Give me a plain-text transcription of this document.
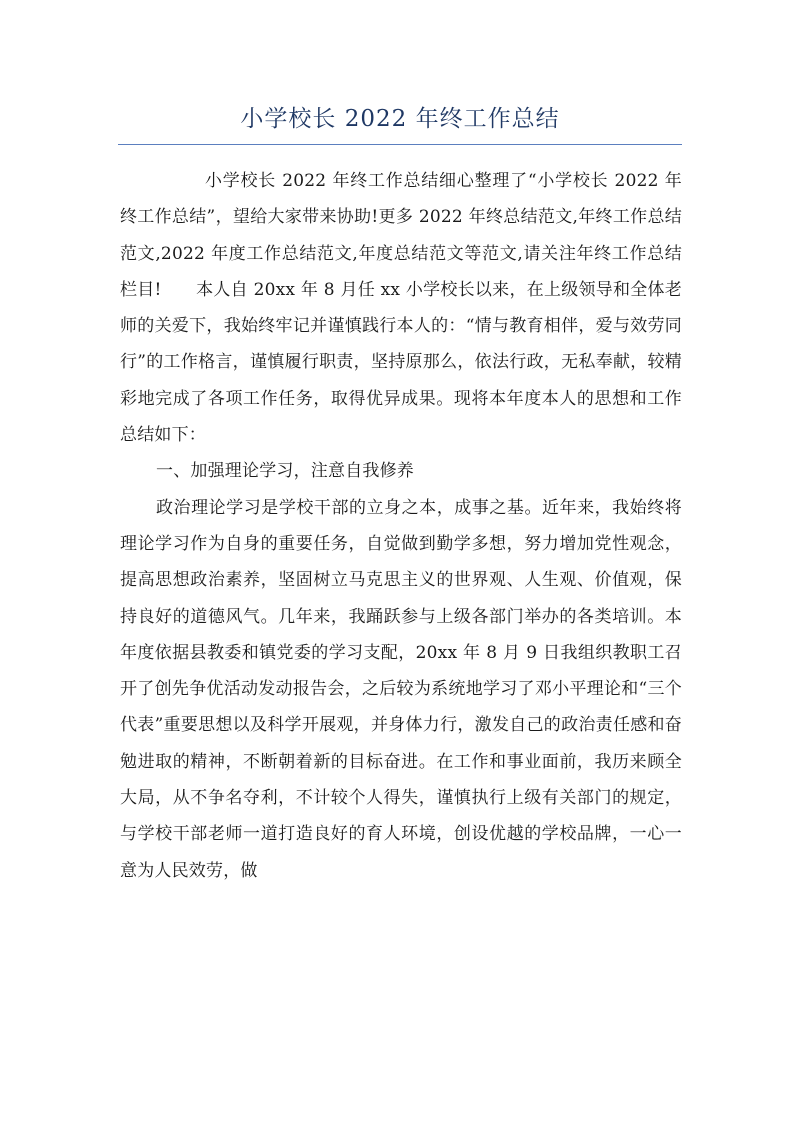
小学校长 2022 年终工作总结

小学校长 2022 年终工作总结细心整理了“小学校长 2022 年终工作总结”，望给大家带来协助!更多 2022 年终总结范文,年终工作总结范文,2022 年度工作总结范文,年度总结范文等范文,请关注年终工作总结栏目!　　本人自 20xx 年 8 月任 xx 小学校长以来，在上级领导和全体老师的关爱下，我始终牢记并谨慎践行本人的：“情与教育相伴，爱与效劳同行”的工作格言，谨慎履行职责，坚持原那么，依法行政，无私奉献，较精彩地完成了各项工作任务，取得优异成果。现将本年度本人的思想和工作总结如下：

一、加强理论学习，注意自我修养

政治理论学习是学校干部的立身之本，成事之基。近年来，我始终将理论学习作为自身的重要任务，自觉做到勤学多想，努力增加党性观念，提高思想政治素养，坚固树立马克思主义的世界观、人生观、价值观，保持良好的道德风气。几年来，我踊跃参与上级各部门举办的各类培训。本年度依据县教委和镇党委的学习支配，20xx 年 8 月 9 日我组织教职工召开了创先争优活动发动报告会，之后较为系统地学习了邓小平理论和“三个代表”重要思想以及科学开展观，并身体力行，激发自己的政治责任感和奋勉进取的精神，不断朝着新的目标奋进。在工作和事业面前，我历来顾全大局，从不争名夺利，不计较个人得失，谨慎执行上级有关部门的规定，与学校干部老师一道打造良好的育人环境，创设优越的学校品牌，一心一意为人民效劳，做
